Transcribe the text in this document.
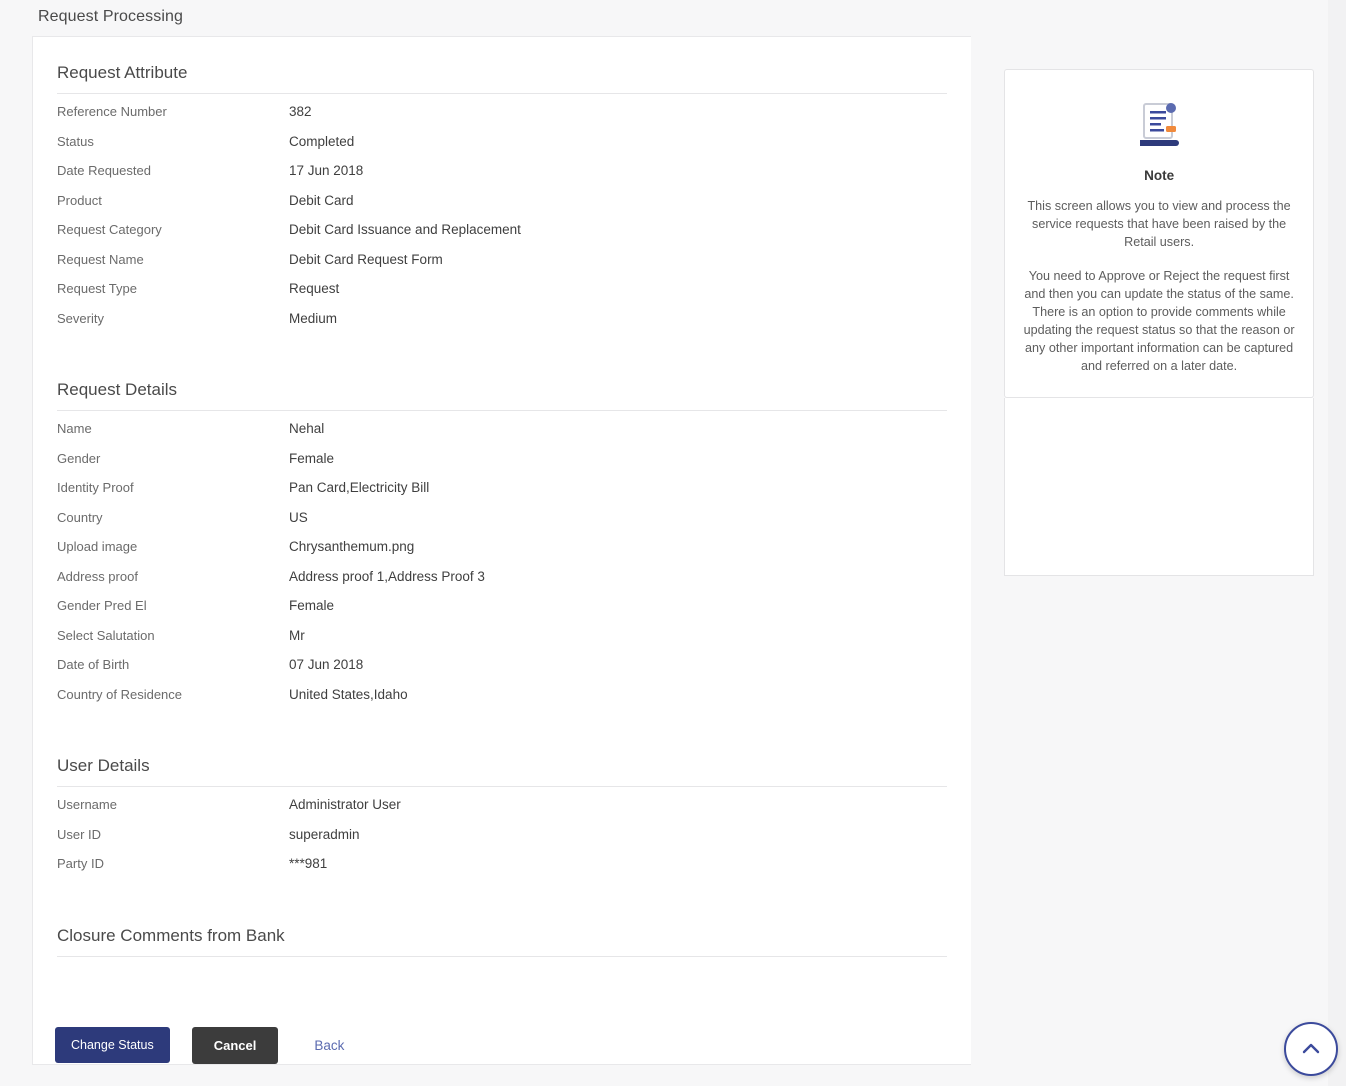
Request Processing
Request Attribute
Reference Number	382
Status	Completed
Date Requested	17 Jun 2018
Product	Debit Card
Request Category	Debit Card Issuance and Replacement
Request Name	Debit Card Request Form
Request Type	Request
Severity	Medium
Request Details
Name	Nehal
Gender	Female
Identity Proof	Pan Card,Electricity Bill
Country	US
Upload image	Chrysanthemum.png
Address proof	Address proof 1,Address Proof 3
Gender Pred El	Female
Select Salutation	Mr
Date of Birth	07 Jun 2018
Country of Residence	United States,Idaho
User Details
Username	Administrator User
User ID	superadmin
Party ID	***981
Closure Comments from Bank
Change Status	Cancel	Back
Note

This screen allows you to view and process the service requests that have been raised by the Retail users.

You need to Approve or Reject the request first and then you can update the status of the same. There is an option to provide comments while updating the request status so that the reason or any other important information can be captured and referred on a later date.
